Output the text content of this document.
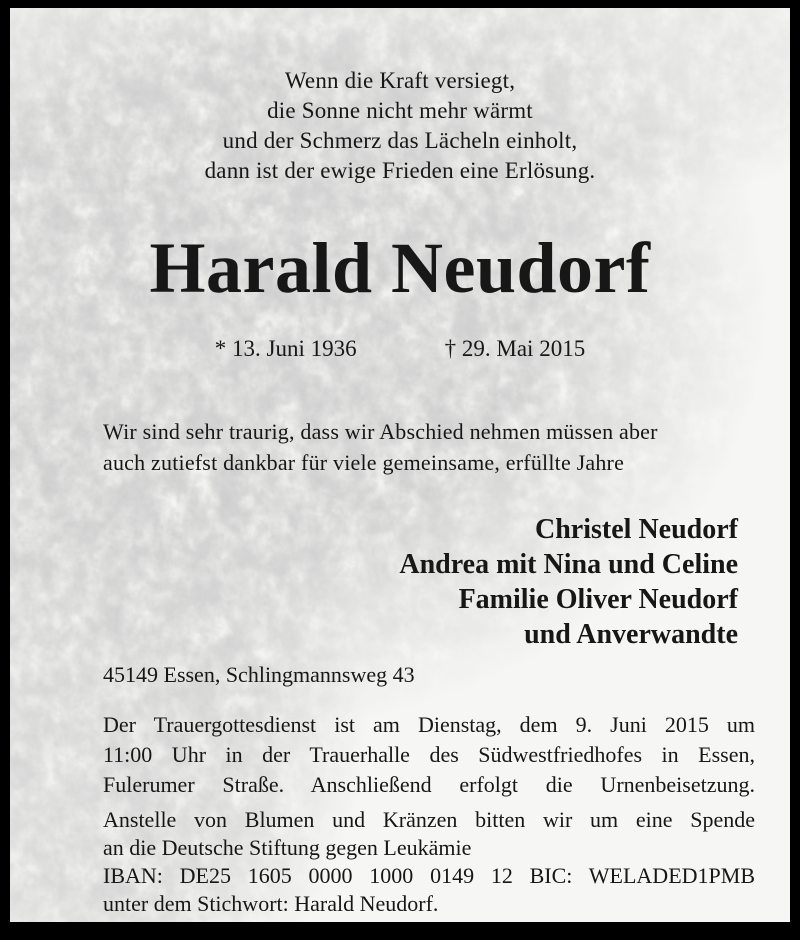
Wenn die Kraft versiegt,
die Sonne nicht mehr wärmt
und der Schmerz das Lächeln einholt,
dann ist der ewige Frieden eine Erlösung.
Harald Neudorf
* 13. Juni 1936	† 29. Mai 2015
Wir sind sehr traurig, dass wir Abschied nehmen müssen aber
auch zutiefst dankbar für viele gemeinsame, erfüllte Jahre
Christel Neudorf
Andrea mit Nina und Celine
Familie Oliver Neudorf
und Anverwandte
45149 Essen, Schlingmannsweg 43
Der Trauergottesdienst ist am Dienstag, dem 9. Juni 2015 um
11:00 Uhr in der Trauerhalle des Südwestfriedhofes in Essen,
Fulerumer Straße. Anschließend erfolgt die Urnenbeisetzung.
Anstelle von Blumen und Kränzen bitten wir um eine Spende
an die Deutsche Stiftung gegen Leukämie
IBAN: DE25 1605 0000 1000 0149 12 BIC: WELADED1PMB
unter dem Stichwort: Harald Neudorf.
